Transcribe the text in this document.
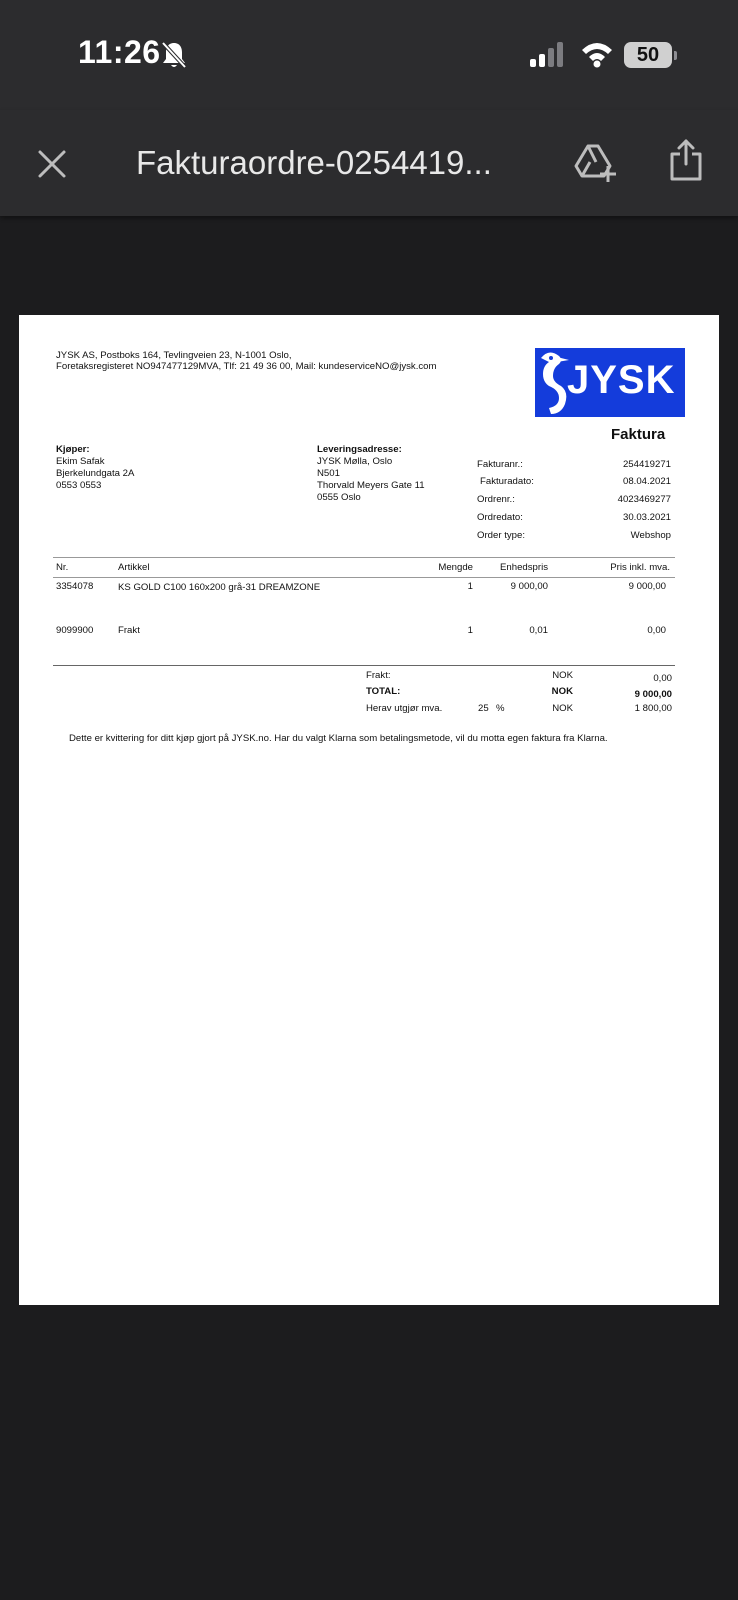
11:26	50
Fakturaordre-0254419...
JYSK AS, Postboks 164, Tevlingveien 23, N-1001 Oslo,
Foretaksregisteret NO947477129MVA, Tlf: 21 49 36 00, Mail: kundeserviceNO@jysk.com	JYSK
Faktura
Kjøper:
Ekim Safak
Bjerkelundgata 2A
0553 0553
Leveringsadresse:
JYSK Mølla, Oslo
N501
Thorvald Meyers Gate 11
0555 Oslo
Fakturanr.:	254419271
Fakturadato:	08.04.2021
Ordrenr.:	4023469277
Ordredato:	30.03.2021
Order type:	Webshop
Nr.	Artikkel	Mengde	Enhedspris	Pris inkl. mva.
3354078	KS GOLD C100 160x200 grå-31 DREAMZONE	1	9 000,00	9 000,00
9099900	Frakt	1	0,01	0,00
Frakt:	NOK	0,00
TOTAL:	NOK	9 000,00
Herav utgjør mva.	25 %	NOK	1 800,00
Dette er kvittering for ditt kjøp gjort på JYSK.no. Har du valgt Klarna som betalingsmetode, vil du motta egen faktura fra Klarna.
